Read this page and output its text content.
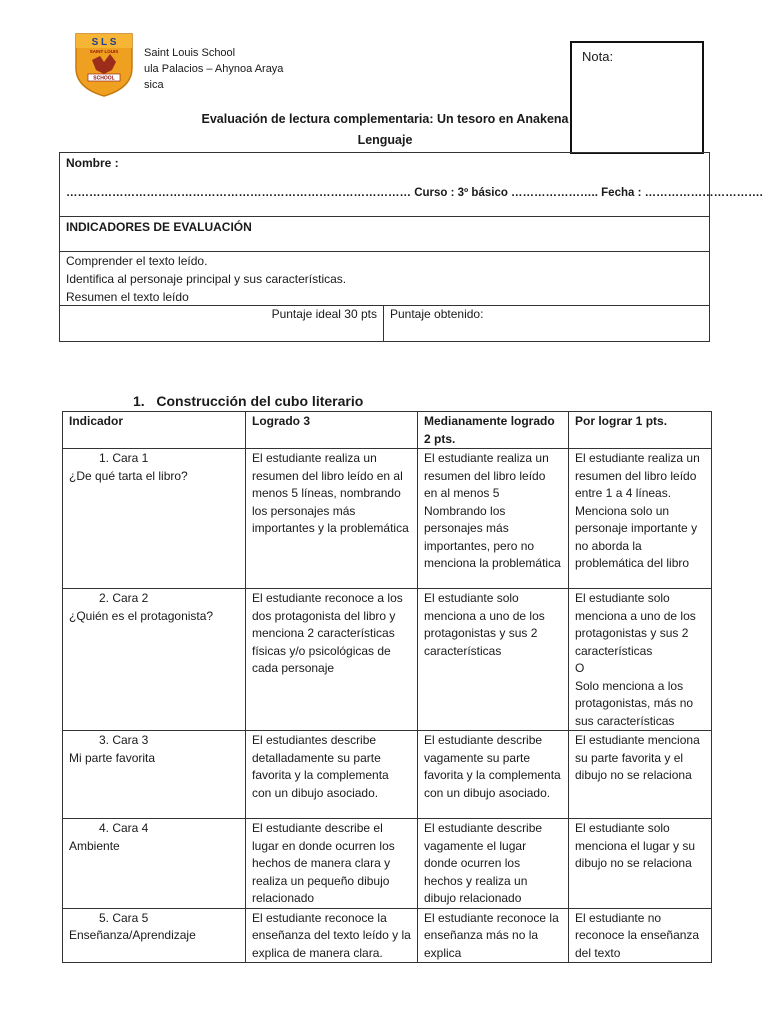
S L S
SAINT LOUIS
SCHOOL
Saint Louis School
ula Palacios – Ahynoa Araya
sica
Nota:
Evaluación de lectura complementaria: Un tesoro en Anakena
Lenguaje
Nombre :
……………………………………………………………………………… Curso : 3º básico ………………….. Fecha : ………………………….
INDICADORES DE EVALUACIÓN
Comprender el texto leído.
Identifica al personaje principal y sus características.
Resumen el texto leído
Puntaje ideal 30 pts	Puntaje obtenido:
1. Construcción del cubo literario
Indicador	Logrado 3	Medianamente logrado 2 pts.	Por lograr 1 pts.

1. Cara 1
¿De qué tarta el libro?	El estudiante realiza un resumen del libro leído en al menos 5 líneas, nombrando los personajes más importantes y la problemática	El estudiante realiza un resumen del libro leído en al menos 5 Nombrando los personajes más importantes, pero no menciona la problemática	El estudiante realiza un resumen del libro leído entre 1 a 4 líneas.
Menciona solo un personaje importante y no aborda la problemática del libro

2. Cara 2
¿Quién es el protagonista?	El estudiante reconoce a los dos protagonista del libro y menciona 2 características físicas y/o psicológicas de cada personaje	El estudiante solo menciona a uno de los protagonistas y sus 2 características	El estudiante solo menciona a uno de los protagonistas y sus 2 características
O
Solo menciona a los protagonistas, más no sus características

3. Cara 3
Mi parte favorita	El estudiantes describe detalladamente su parte favorita y la complementa con un dibujo asociado.	El estudiante describe vagamente su parte favorita y la complementa con un dibujo asociado.	El estudiante menciona su parte favorita y el dibujo no se relaciona

4. Cara 4
Ambiente	El estudiante describe el lugar en donde ocurren los hechos de manera clara y realiza un pequeño dibujo relacionado	El estudiante describe vagamente el lugar donde ocurren los hechos y realiza un dibujo relacionado	El estudiante solo menciona el lugar y su dibujo no se relaciona

5. Cara 5
Enseñanza/Aprendizaje	El estudiante reconoce la enseñanza del texto leído y la explica de manera clara.	El estudiante reconoce la enseñanza más no la explica	El estudiante no reconoce la enseñanza del texto
